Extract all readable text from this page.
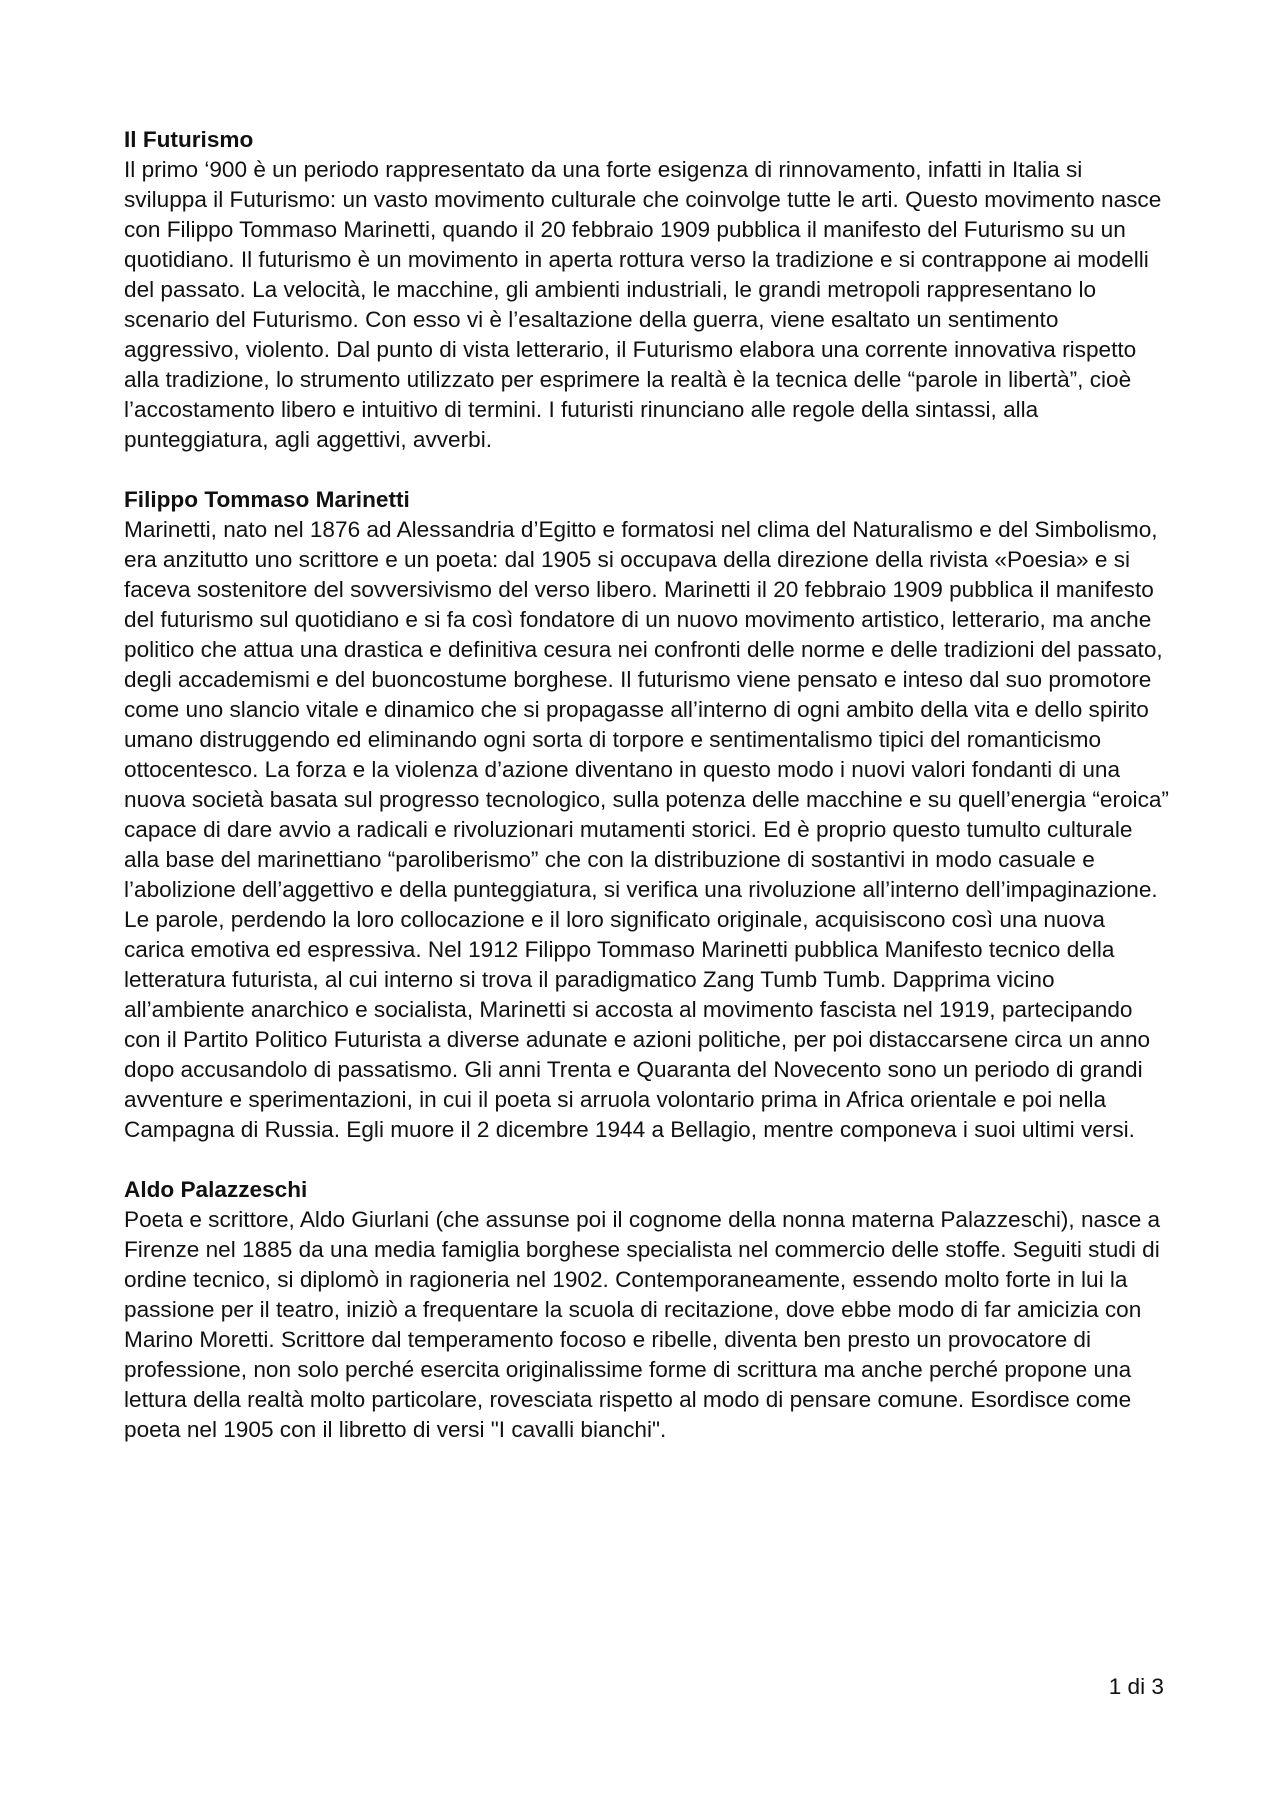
Il Futurismo

Il primo ‘900 è un periodo rappresentato da una forte esigenza di rinnovamento, infatti in Italia si sviluppa il Futurismo: un vasto movimento culturale che coinvolge tutte le arti. Questo movimento nasce con Filippo Tommaso Marinetti, quando il 20 febbraio 1909 pubblica il manifesto del Futurismo su un quotidiano. Il futurismo è un movimento in aperta rottura verso la tradizione e si contrappone ai modelli del passato. La velocità, le macchine, gli ambienti industriali, le grandi metropoli rappresentano lo scenario del Futurismo. Con esso vi è l’esaltazione della guerra, viene esaltato un sentimento aggressivo, violento. Dal punto di vista letterario, il Futurismo elabora una corrente innovativa rispetto alla tradizione, lo strumento utilizzato per esprimere la realtà è la tecnica delle “parole in libertà”, cioè l’accostamento libero e intuitivo di termini. I futuristi rinunciano alle regole della sintassi, alla punteggiatura, agli aggettivi, avverbi.

Filippo Tommaso Marinetti

Marinetti, nato nel 1876 ad Alessandria d’Egitto e formatosi nel clima del Naturalismo e del Simbolismo, era anzitutto uno scrittore e un poeta: dal 1905 si occupava della direzione della rivista «Poesia» e si faceva sostenitore del sovversivismo del verso libero. Marinetti il 20 febbraio 1909 pubblica il manifesto del futurismo sul quotidiano e si fa così fondatore di un nuovo movimento artistico, letterario, ma anche politico che attua una drastica e definitiva cesura nei confronti delle norme e delle tradizioni del passato, degli accademismi e del buoncostume borghese. Il futurismo viene pensato e inteso dal suo promotore come uno slancio vitale e dinamico che si propagasse all’interno di ogni ambito della vita e dello spirito umano distruggendo ed eliminando ogni sorta di torpore e sentimentalismo tipici del romanticismo ottocentesco. La forza e la violenza d’azione diventano in questo modo i nuovi valori fondanti di una nuova società basata sul progresso tecnologico, sulla potenza delle macchine e su quell’energia “eroica” capace di dare avvio a radicali e rivoluzionari mutamenti storici. Ed è proprio questo tumulto culturale alla base del marinettiano “paroliberismo” che con la distribuzione di sostantivi in modo casuale e l’abolizione dell’aggettivo e della punteggiatura, si verifica una rivoluzione all’interno dell’impaginazione. Le parole, perdendo la loro collocazione e il loro significato originale, acquisiscono così una nuova carica emotiva ed espressiva. Nel 1912 Filippo Tommaso Marinetti pubblica Manifesto tecnico della letteratura futurista, al cui interno si trova il paradigmatico Zang Tumb Tumb. Dapprima vicino all’ambiente anarchico e socialista, Marinetti si accosta al movimento fascista nel 1919, partecipando con il Partito Politico Futurista a diverse adunate e azioni politiche, per poi distaccarsene circa un anno dopo accusandolo di passatismo. Gli anni Trenta e Quaranta del Novecento sono un periodo di grandi avventure e sperimentazioni, in cui il poeta si arruola volontario prima in Africa orientale e poi nella Campagna di Russia. Egli muore il 2 dicembre 1944 a Bellagio, mentre componeva i suoi ultimi versi.

Aldo Palazzeschi

Poeta e scrittore, Aldo Giurlani (che assunse poi il cognome della nonna materna Palazzeschi), nasce a Firenze nel 1885 da una media famiglia borghese specialista nel commercio delle stoffe. Seguiti studi di ordine tecnico, si diplomò in ragioneria nel 1902. Contemporaneamente, essendo molto forte in lui la passione per il teatro, iniziò a frequentare la scuola di recitazione, dove ebbe modo di far amicizia con Marino Moretti. Scrittore dal temperamento focoso e ribelle, diventa ben presto un provocatore di professione, non solo perché esercita originalissime forme di scrittura ma anche perché propone una lettura della realtà molto particolare, rovesciata rispetto al modo di pensare comune. Esordisce come poeta nel 1905 con il libretto di versi "I cavalli bianchi".

1 di 3
